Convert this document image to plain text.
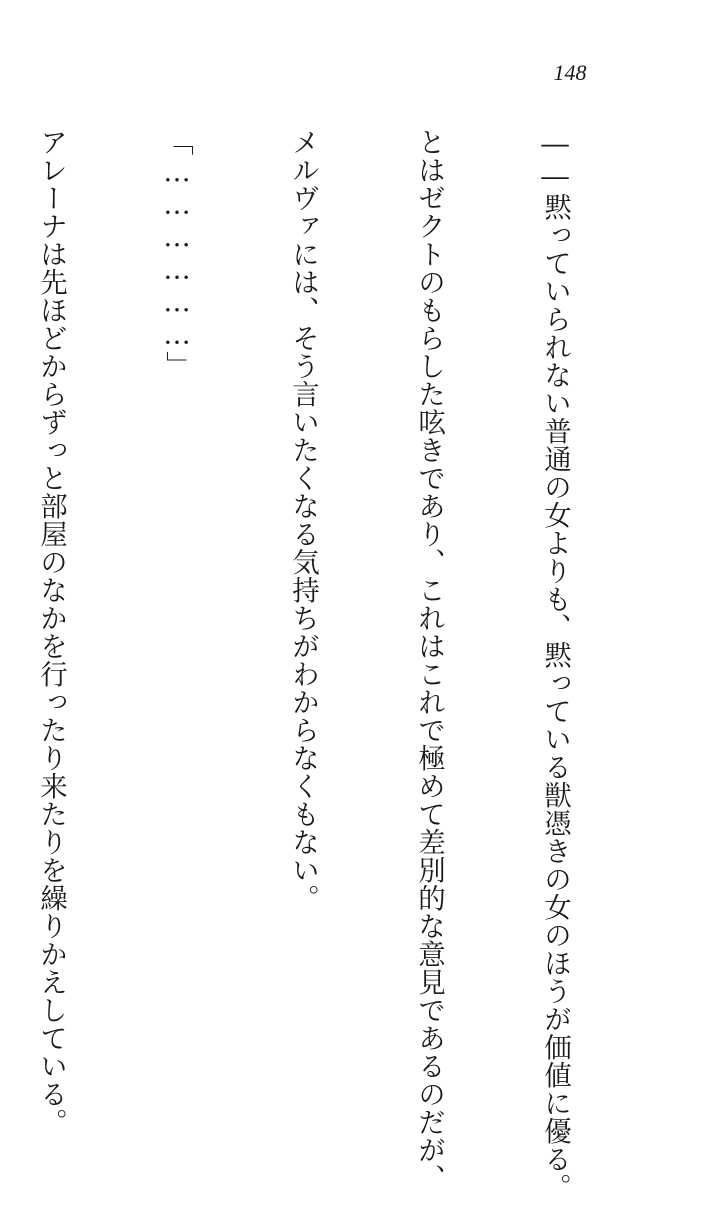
148

――黙っていられない普通の女よりも、黙っている獣憑きの女のほうが価値に優る。

とはゼクトのもらした呟きであり、これはこれで極めて差別的な意見であるのだが、

メルヴァには、そう言いたくなる気持ちがわからなくもない。

「………………」

アレーナは先ほどからずっと部屋のなかを行ったり来たりを繰りかえしている。
